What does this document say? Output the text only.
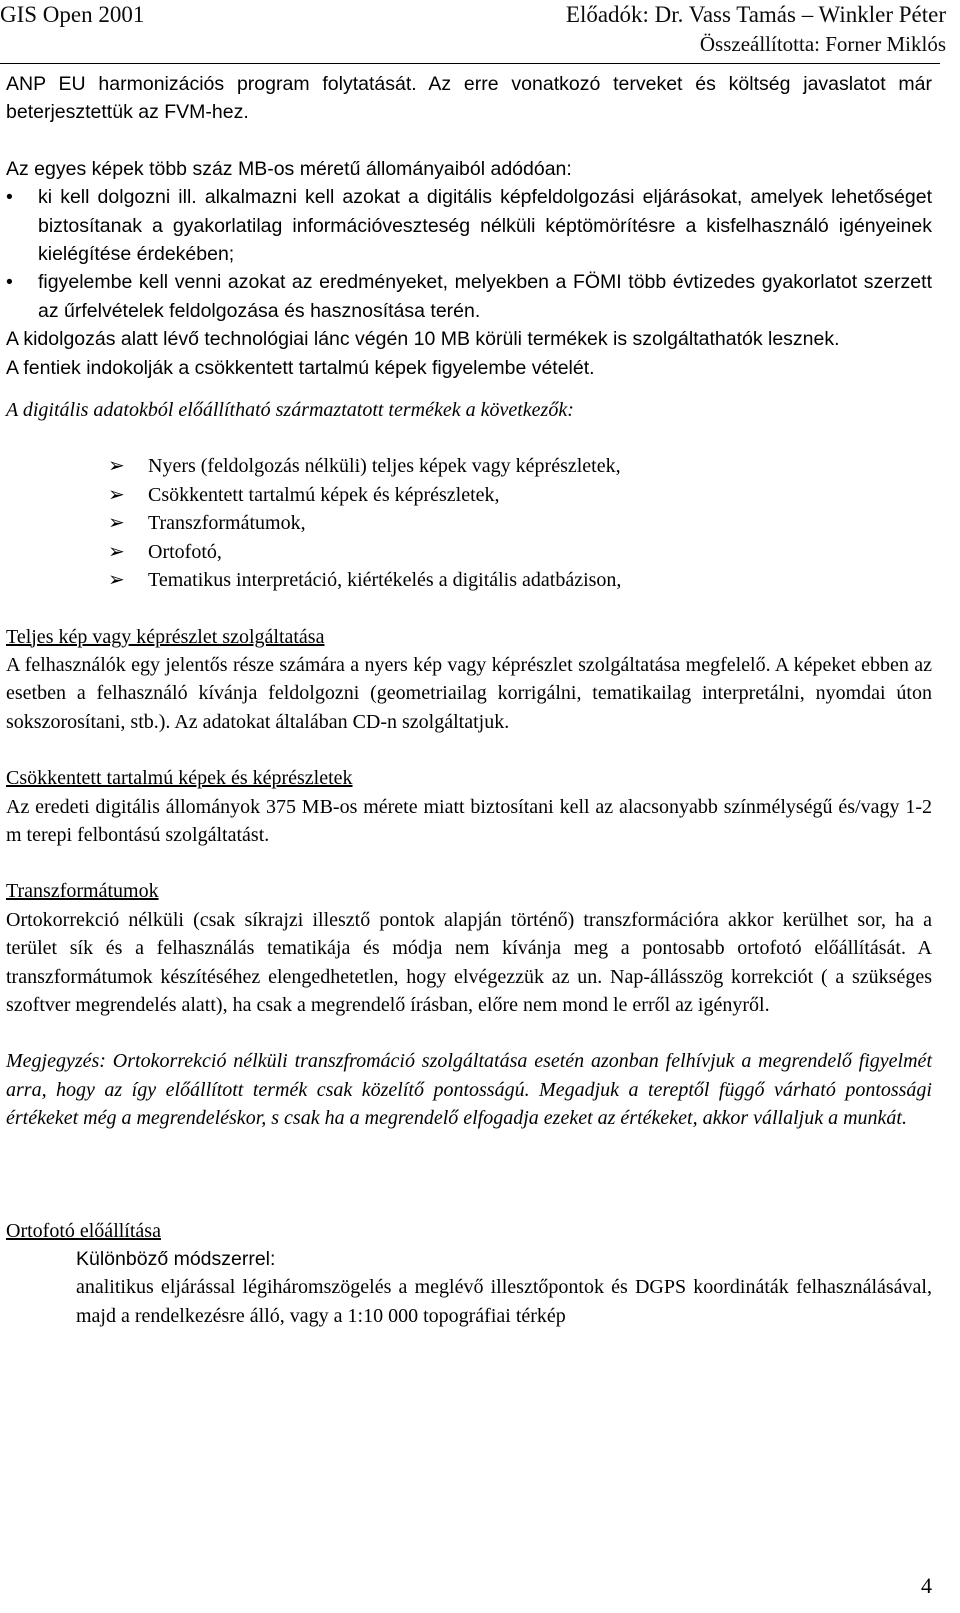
GIS Open 2001	Előadók: Dr. Vass Tamás – Winkler Péter
Összeállította: Forner Miklós

ANP EU harmonizációs program folytatását. Az erre vonatkozó terveket és költség javaslatot már beterjesztettük az FVM-hez.

Az egyes képek több száz MB-os méretű állományaiból adódóan:

• ki kell dolgozni ill. alkalmazni kell azokat a digitális képfeldolgozási eljárásokat, amelyek lehetőséget biztosítanak a gyakorlatilag információveszteség nélküli képtömörítésre a kisfelhasználó igényeinek kielégítése érdekében;

• figyelembe kell venni azokat az eredményeket, melyekben a FÖMI több évtizedes gyakorlatot szerzett az űrfelvételek feldolgozása és hasznosítása terén.

A kidolgozás alatt lévő technológiai lánc végén 10 MB körüli termékek is szolgáltathatók lesznek.

A fentiek indokolják a csökkentett tartalmú képek figyelembe vételét.

A digitális adatokból előállítható származtatott termékek a következők:

➢ Nyers (feldolgozás nélküli) teljes képek vagy képrészletek,
➢ Csökkentett tartalmú képek és képrészletek,
➢ Transzformátumok,
➢ Ortofotó,
➢ Tematikus interpretáció, kiértékelés a digitális adatbázison,

Teljes kép vagy képrészlet szolgáltatása

A felhasználók egy jelentős része számára a nyers kép vagy képrészlet szolgáltatása megfelelő. A képeket ebben az esetben a felhasználó kívánja feldolgozni (geometriailag korrigálni, tematikailag interpretálni, nyomdai úton sokszorosítani, stb.). Az adatokat általában CD-n szolgáltatjuk.

Csökkentett tartalmú képek és képrészletek

Az eredeti digitális állományok 375 MB-os mérete miatt biztosítani kell az alacsonyabb színmélységű és/vagy 1-2 m terepi felbontású szolgáltatást.

Transzformátumok

Ortokorrekció nélküli (csak síkrajzi illesztő pontok alapján történő) transzformációra akkor kerülhet sor, ha a terület sík és a felhasználás tematikája és módja nem kívánja meg a pontosabb ortofotó előállítását. A transzformátumok készítéséhez elengedhetetlen, hogy elvégezzük az un. Nap-állásszög korrekciót ( a szükséges szoftver megrendelés alatt), ha csak a megrendelő írásban, előre nem mond le erről az igényről.

Megjegyzés: Ortokorrekció nélküli transzfromáció szolgáltatása esetén azonban felhívjuk a megrendelő figyelmét arra, hogy az így előállított termék csak közelítő pontosságú. Megadjuk a tereptől függő várható pontossági értékeket még a megrendeléskor, s csak ha a megrendelő elfogadja ezeket az értékeket, akkor vállaljuk a munkát.

Ortofotó előállítása

Különböző módszerrel:

analitikus eljárással légiháromszögelés a meglévő illesztőpontok és DGPS koordináták felhasználásával, majd a rendelkezésre álló, vagy a 1:10 000 topográfiai térkép

4
